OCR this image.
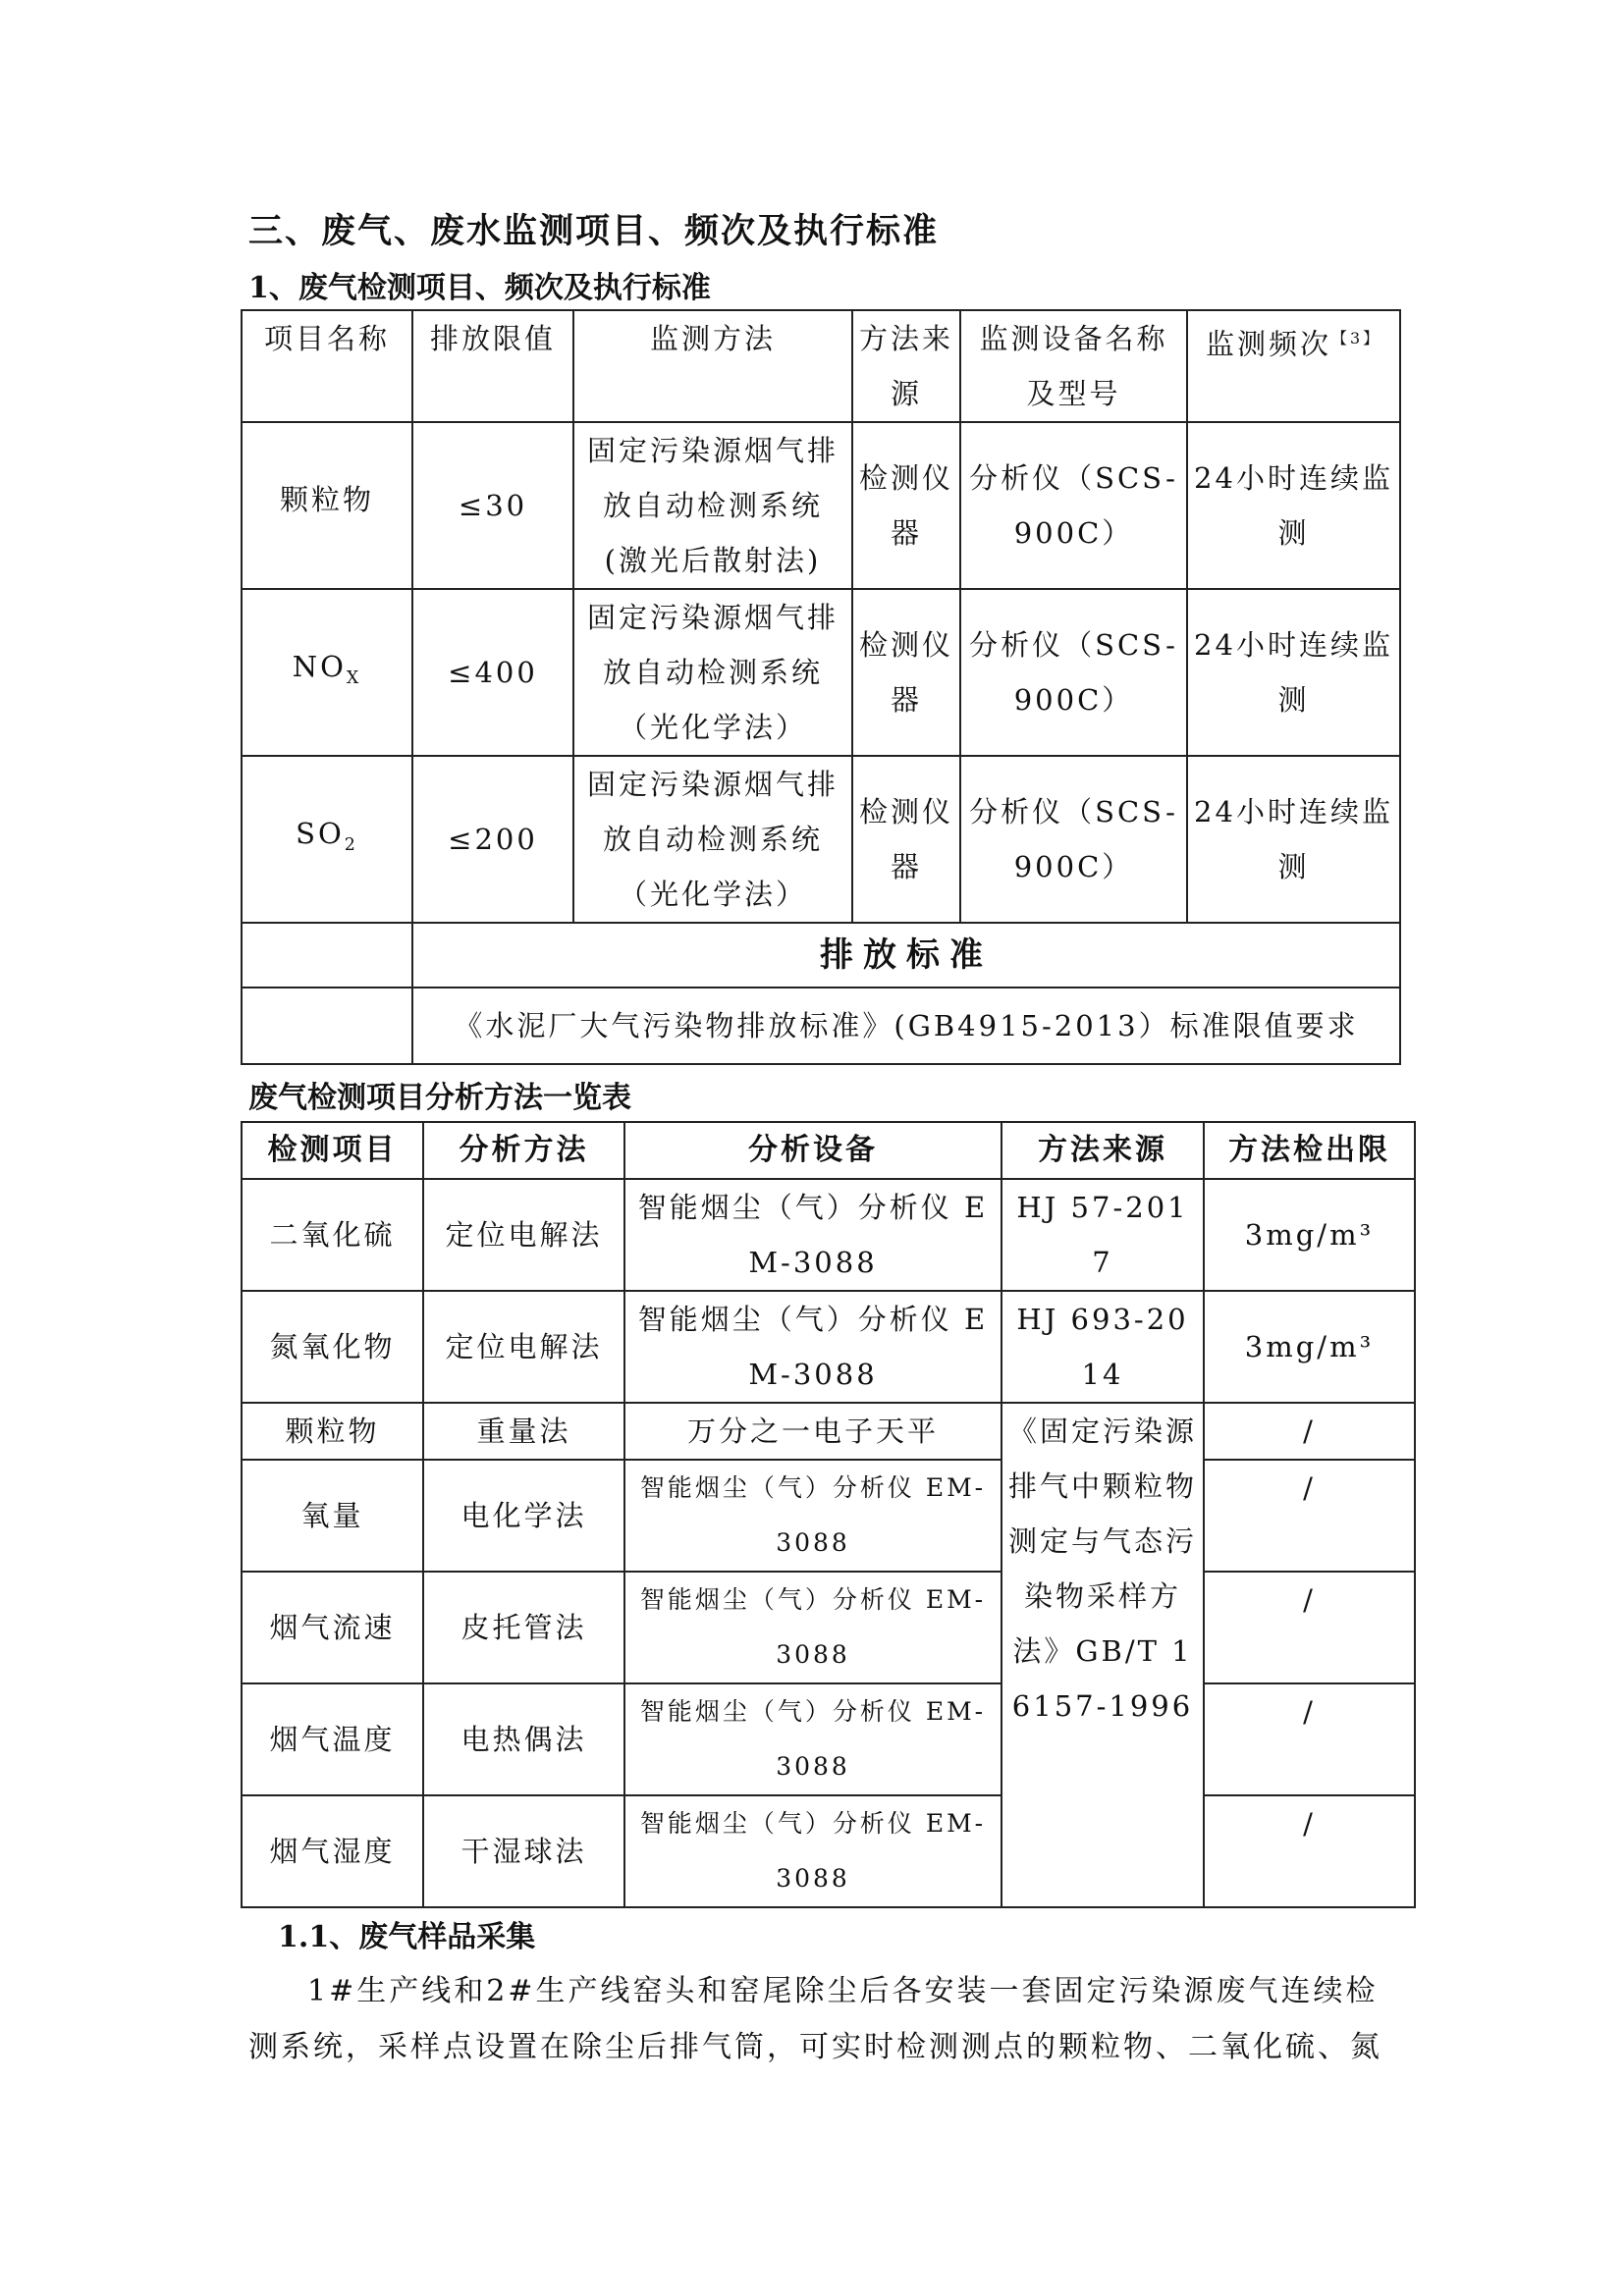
三、废气、废水监测项目、频次及执行标准
1、废气检测项目、频次及执行标准
项目名称	排放限值	监测方法	方法来源	监测设备名称及型号	监测频次$^{【3】}$
颗粒物	≤30	固定污染源烟气排放自动检测系统(激光后散射法)	检测仪器	分析仪（SCS-900C）	24小时连续监测
$NO_X$	≤400	固定污染源烟气排放自动检测系统（光化学法）	检测仪器	分析仪（SCS-900C）	24小时连续监测
$SO_2$	≤200	固定污染源烟气排放自动检测系统（光化学法）	检测仪器	分析仪（SCS-900C）	24小时连续监测
	排放标准				
	《水泥厂大气污染物排放标准》(GB4915-2013）标准限值要求				
废气检测项目分析方法一览表
检测项目	分析方法	分析设备	方法来源	方法检出限
二氧化硫	定位电解法	智能烟尘（气）分析仪 EM-3088	HJ 57-2017	3mg/m³
氮氧化物	定位电解法	智能烟尘（气）分析仪 EM-3088	HJ 693-2014	3mg/m³
颗粒物	重量法	万分之一电子天平	《固定污染源排气中颗粒物测定与气态污染物采样方法》GB/T 16157-1996	/
氧量	电化学法	智能烟尘（气）分析仪 EM-3088		/
烟气流速	皮托管法	智能烟尘（气）分析仪 EM-3088		/
烟气温度	电热偶法	智能烟尘（气）分析仪 EM-3088		/
烟气湿度	干湿球法	智能烟尘（气）分析仪 EM-3088		/
1.1、废气样品采集
1#生产线和2#生产线窑头和窑尾除尘后各安装一套固定污染源废气连续检测系统，采样点设置在除尘后排气筒，可实时检测测点的颗粒物、二氧化硫、氮
